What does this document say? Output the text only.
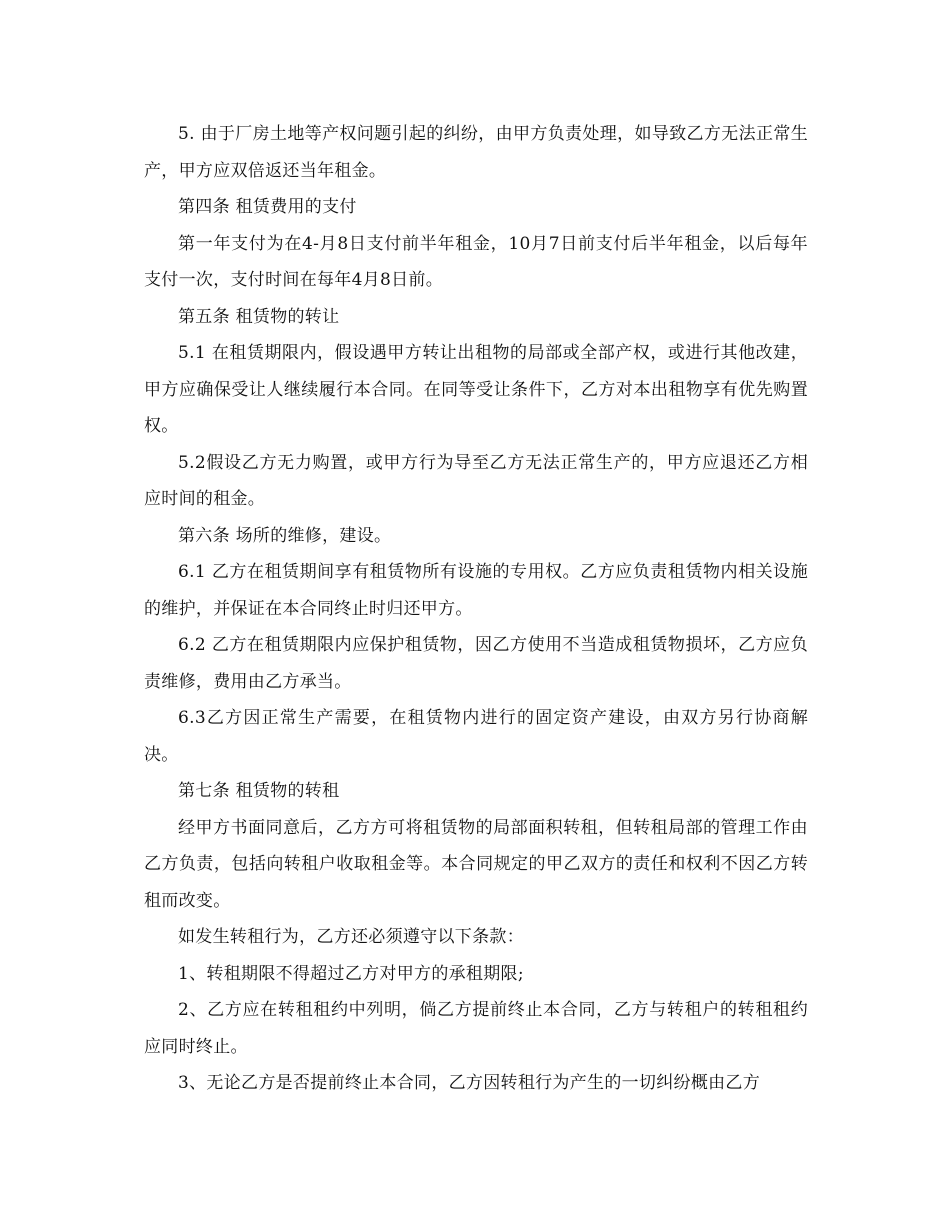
5. 由于厂房土地等产权问题引起的纠纷，由甲方负责处理，如导致乙方无法正常生产，甲方应双倍返还当年租金。

第四条 租赁费用的支付

第一年支付为在4-月8日支付前半年租金，10月7日前支付后半年租金，以后每年支付一次，支付时间在每年4月8日前。

第五条 租赁物的转让

5.1 在租赁期限内，假设遇甲方转让出租物的局部或全部产权，或进行其他改建，甲方应确保受让人继续履行本合同。在同等受让条件下，乙方对本出租物享有优先购置权。

5.2假设乙方无力购置，或甲方行为导至乙方无法正常生产的，甲方应退还乙方相应时间的租金。

第六条 场所的维修，建设。

6.1 乙方在租赁期间享有租赁物所有设施的专用权。乙方应负责租赁物内相关设施的维护，并保证在本合同终止时归还甲方。

6.2 乙方在租赁期限内应保护租赁物，因乙方使用不当造成租赁物损坏，乙方应负责维修，费用由乙方承当。

6.3乙方因正常生产需要，在租赁物内进行的固定资产建设，由双方另行协商解决。

第七条 租赁物的转租

经甲方书面同意后，乙方方可将租赁物的局部面积转租，但转租局部的管理工作由乙方负责，包括向转租户收取租金等。本合同规定的甲乙双方的责任和权利不因乙方转租而改变。

如发生转租行为，乙方还必须遵守以下条款：

1、转租期限不得超过乙方对甲方的承租期限;

2、乙方应在转租租约中列明，倘乙方提前终止本合同，乙方与转租户的转租租约应同时终止。

3、无论乙方是否提前终止本合同，乙方因转租行为产生的一切纠纷概由乙方
